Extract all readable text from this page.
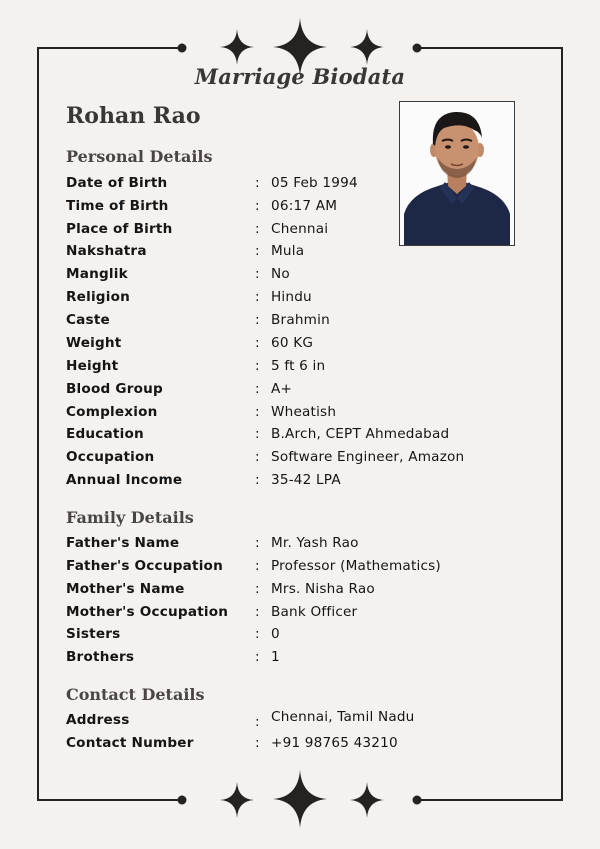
Marriage Biodata
Rohan Rao
Personal Details
Date of Birth	: 05 Feb 1994
Time of Birth	: 06:17 AM
Place of Birth	: Chennai
Nakshatra	: Mula
Manglik	: No
Religion	: Hindu
Caste	: Brahmin
Weight	: 60 KG
Height	: 5 ft 6 in
Blood Group	: A+
Complexion	: Wheatish
Education	: B.Arch, CEPT Ahmedabad
Occupation	: Software Engineer, Amazon
Annual Income	: 35-42 LPA
Family Details
Father's Name	: Mr. Yash Rao
Father's Occupation : Professor (Mathematics)
Mother's Name	: Mrs. Nisha Rao
Mother's Occupation : Bank Officer
Sisters	: 0
Brothers	: 1
Contact Details
Address	: Chennai, Tamil Nadu
Contact Number	: +91 98765 43210
